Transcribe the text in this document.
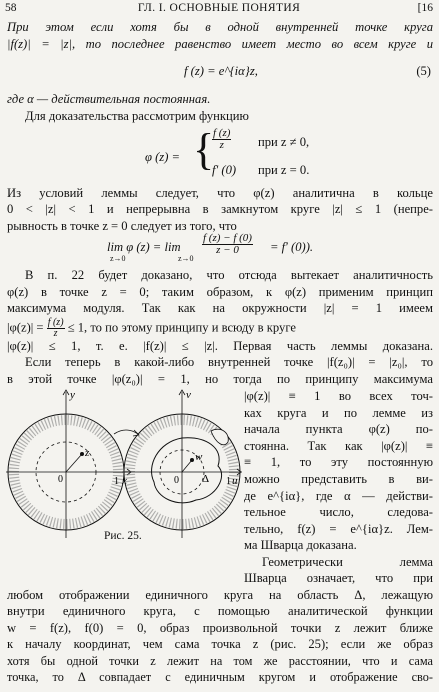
58	ГЛ. I. ОСНОВНЫЕ ПОНЯТИЯ	[16
При этом если хотя бы в одной внутренней точке круга
|f(z)| = |z|, то последнее равенство имеет место во всем круге и
f (z) = e^{iα}z,	(5)
где α — действительная постоянная.
Для доказательства рассмотрим функцию
φ (z) = {
$\frac{f (z)}{z}$ при z ≠ 0,
f′ (0) при z = 0.
Из условий леммы следует, что φ(z) аналитична в кольце
0 < |z| < 1 и непрерывна в замкнутом круге |z| ≤ 1 (непре-
рывность в точке z = 0 следует из того, что
lim φ (z) = lim
z→0	z→0
$\frac{f (z) - f (0)}{z - 0} = f'$ (0)).
В п. 22 будет доказано, что отсюда вытекает аналитичность
φ(z) в точке z = 0; таким образом, к φ(z) применим принцип
максимума модуля. Так как на окружности |z| = 1 имеем
$|\varphi(z)| = \frac{f (z)}{z} \le 1$, то по этому принципу и всюду в круге
|φ(z)| ≤ 1, т. е. |f(z)| ≤ |z|. Первая часть леммы доказана.
Если теперь в какой-либо внутренней точке |f(z₀)| = |z₀|, то
в этой точке |φ(z₀)| = 1, но тогда по принципу максимума
y
x
0
z
1
v
u
0
w
Δ 1
Рис. 25.
|φ(z)| ≡ 1 во всех точ-
ках круга и по лемме из
начала пункта φ(z) по-
стоянна. Так как |φ(z)| ≡
≡ 1, то эту постоянную
можно представить в ви-
де e^{iα}, где α — действи-
тельное число, следова-
тельно, f(z) = e^{iα}z. Лем-
ма Шварца доказана.
Геометрически лемма
Шварца означает, что при
любом отображении единичного круга на область Δ, лежащую
внутри единичного круга, с помощью аналитической функции
w = f(z), f(0) = 0, образ произвольной точки z лежит ближе
к началу координат, чем сама точка z (рис. 25); если же образ
хотя бы одной точки z лежит на том же расстоянии, что и сама
точка, то Δ совпадает с единичным кругом и отображение сво-
